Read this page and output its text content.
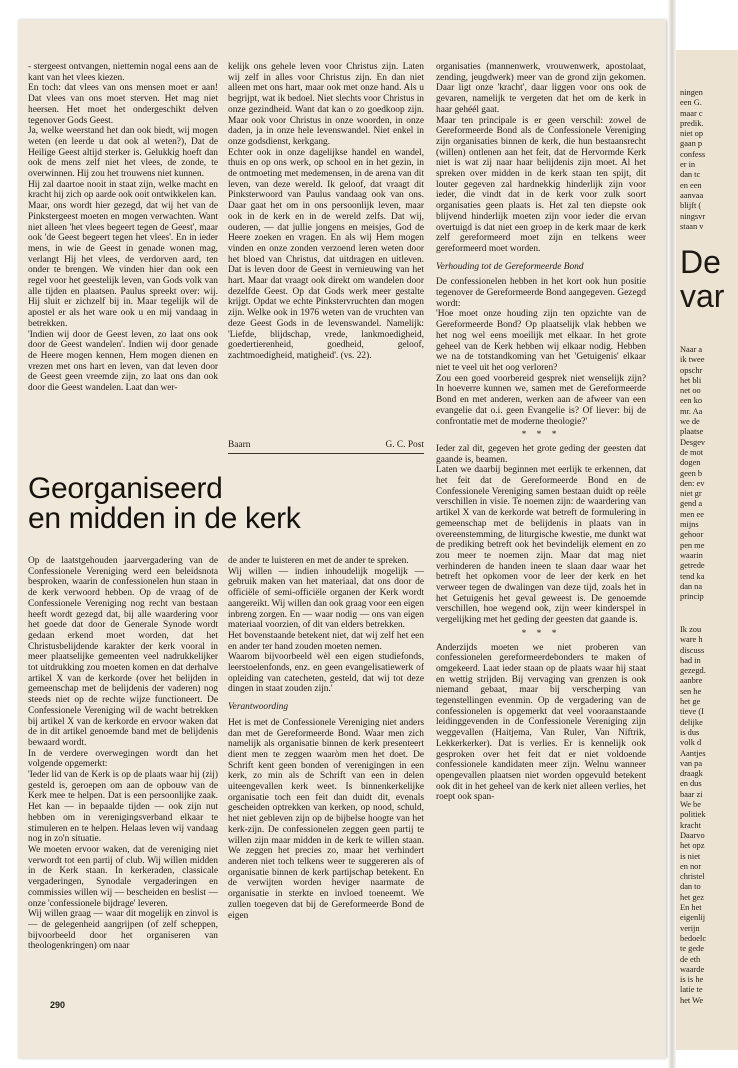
ningen

een G.

maar c

predik.

niet op

gaan p

confess

er in

dan tc

en een

aanvaa

blijft (

ningsvr

staan v

De
var

Naar a

ik twee

opschr

het bli

net oo

een ko

mr. Aa

we de

plaatse

Desgev

de mot

dogen

geen b

den: ev

niet gr

gend a

men ee

mijns

gehoor

pen me

waarin

getrede

tend ka

dan na

princip

Ik zou

ware h

discuss

had in

gezegd.

aanbre

sen he

het ge

tieve (I

delijke

is dus

volk d

Aantjes

van pa

draagk

en dus

baar zi

We be

politiek

kracht

Daarvo

het opz

is niet

en nor

christel

dan to

het gez

En het

eigenlij

verijn

bedoelc

te gede

de eth

waarde

is is he

latie te

het We

- stergeest ontvangen, niettemin nogal eens aan de kant van het vlees kiezen.

En toch: dat vlees van ons mensen moet er aan! Dat vlees van ons moet sterven. Het mag niet heersen. Het moet het ondergeschikt delven tegenover Gods Geest.

Ja, welke weerstand het dan ook biedt, wij mogen weten (en leerde u dat ook al weten?), Dat de Heilige Geest altijd sterker is. Gelukkig hoeft dan ook de mens zelf niet het vlees, de zonde, te overwinnen. Hij zou het trouwens niet kunnen.

Hij zal daartoe nooit in staat zijn, welke macht en kracht hij zich op aarde ook ooit ontwikkelen kan.

Maar, ons wordt hier gezegd, dat wij het van de Pinkstergeest moeten en mogen verwachten. Want niet alleen 'het vlees begeert tegen de Geest', maar ook 'de Geest begeert tegen het vlees'. En in ieder mens, in wie de Geest in genade wonen mag, verlangt Hij het vlees, de verdorven aard, ten onder te brengen. We vinden hier dan ook een regel voor het geestelijk leven, van Gods volk van alle tijden en plaatsen. Paulus spreekt over: wij. Hij sluit er zichzelf bij in. Maar tegelijk wil de apostel er als het ware ook u en mij vandaag in betrekken.

'Indien wij door de Geest leven, zo laat ons ook door de Geest wandelen'. Indien wij door genade de Heere mogen kennen, Hem mogen dienen en vrezen met ons hart en leven, van dat leven door de Geest geen vreemde zijn, zo laat ons dan ook door die Geest wandelen. Laat dan wer-

kelijk ons gehele leven voor Christus zijn. Laten wij zelf in alles voor Christus zijn. En dan niet alleen met ons hart, maar ook met onze hand. Als u begrijpt, wat ik bedoel. Niet slechts voor Christus in onze gezindheid. Want dat kan o zo goedkoop zijn. Maar ook voor Christus in onze woorden, in onze daden, ja in onze hele levenswandel. Niet enkel in onze godsdienst, kerkgang.

Echter ook in onze dagelijkse handel en wandel, thuis en op ons werk, op school en in het gezin, in de ontmoeting met medemensen, in de arena van dit leven, van deze wereld. Ik geloof, dat vraagt dit Pinksterwoord van Paulus vandaag ook van ons. Daar gaat het om in ons persoonlijk leven, maar ook in de kerk en in de wereld zelfs. Dat wij, ouderen, — dat jullie jongens en meisjes, God de Heere zoeken en vragen. En als wij Hem mogen vinden en onze zonden verzoend leren weten door het bloed van Christus, dat uitdragen en uitleven. Dat is leven door de Geest in vernieuwing van het hart. Maar dat vraagt ook direkt om wandelen door dezelfde Geest. Op dat Gods werk meer gestalte krijgt. Opdat we echte Pinkstervruchten dan mogen zijn. Welke ook in 1976 weten van de vruchten van deze Geest Gods in de levenswandel. Namelijk: 'Liefde, blijdschap, vrede, lankmoedigheid, goedertierenheid, goedheid, geloof, zachtmoedigheid, matigheid'. (vs. 22).

Baarn	G. C. Post
Georganiseerd
en midden in de kerk

organisaties (mannenwerk, vrouwenwerk, apostolaat, zending, jeugdwerk) meer van de grond zijn gekomen. Daar ligt onze 'kracht', daar liggen voor ons ook de gevaren, namelijk te vergeten dat het om de kerk in haar gehéél gaat.

Maar ten principale is er geen verschil: zowel de Gereformeerde Bond als de Confessionele Vereniging zijn organisaties binnen de kerk, die hun bestaansrecht (willen) ontlenen aan het feit, dat de Hervormde Kerk niet is wat zij naar haar belijdenis zijn moet. Al het spreken over midden in de kerk staan ten spijt, dit louter gegeven zal hardnekkig hinderlijk zijn voor ieder, die vindt dat in de kerk voor zulk soort organisaties geen plaats is. Het zal ten diepste ook blijvend hinderlijk moeten zijn voor ieder die ervan overtuigd is dat niet een groep in de kerk maar de kerk zelf gereformeerd moet zijn en telkens weer gereformeerd moet worden.

Verhouding tot de Gereformeerde Bond

De confessionelen hebben in het kort ook hun positie tegenover de Gereformeerde Bond aangegeven. Gezegd wordt:

'Hoe moet onze houding zijn ten opzichte van de Gereformeerde Bond? Op plaatselijk vlak hebben we het nog wel eens moeilijk met elkaar. In het grote geheel van de Kerk hebben wij elkaar nodig. Hebben we na de totstandkoming van het 'Getuigenis' elkaar niet te veel uit het oog verloren?

Zou een goed voorbereid gesprek niet wenselijk zijn? In hoeverre kunnen we, samen met de Gereformeerde Bond en met anderen, werken aan de afweer van een evangelie dat o.i. geen Evangelie is? Of liever: bij de confrontatie met de moderne theologie?'

* * *

Ieder zal dit, gegeven het grote geding der geesten dat gaande is, beamen.

Laten we daarbij beginnen met eerlijk te erkennen, dat het feit dat de Gereformeerde Bond en de Confessionele Vereniging samen bestaan duidt op reële verschillen in visie. Te noemen zijn: de waardering van artikel X van de kerkorde wat betreft de formulering in gemeenschap met de belijdenis in plaats van in overeenstemming, de liturgische kwestie, me dunkt wat de prediking betreft ook het bevindelijk element en zo zou meer te noemen zijn. Maar dat mag niet verhinderen de handen ineen te slaan daar waar het betreft het opkomen voor de leer der kerk en het verweer tegen de dwalingen van deze tijd, zoals het in het Getuigenis het geval geweest is. De genoemde verschillen, hoe wegend ook, zijn weer kinderspel in vergelijking met het geding der geesten dat gaande is.

* * *

Anderzijds moeten we niet proberen van confessionelen gereformeerdebonders te maken of omgekeerd. Laat ieder staan op de plaats waar hij staat en wettig strijden. Bij vervaging van grenzen is ook niemand gebaat, maar bij verscherping van tegenstellingen evenmin. Op de vergadering van de confessionelen is opgemerkt dat veel vooraanstaande leidinggevenden in de Confessionele Vereniging zijn weggevallen (Haitjema, Van Ruler, Van Niftrik, Lekkerkerker). Dat is verlies. Er is kennelijk ook gesproken over het feit dat er niet voldoende confessionele kandidaten meer zijn. Welnu wanneer opengevallen plaatsen niet worden opgevuld betekent ook dit in het geheel van de kerk niet alleen verlies, het roept ook span-

Op de laatstgehouden jaarvergadering van de Confessionele Vereniging werd een beleidsnota besproken, waarin de confessionelen hun staan in de kerk verwoord hebben. Op de vraag of de Confessionele Vereniging nog recht van bestaan heeft wordt gezegd dat, bij alle waardering voor het goede dat door de Generale Synode wordt gedaan erkend moet worden, dat het Christusbelijdende karakter der kerk vooral in meer plaatselijke gemeenten veel nadrukkelijker tot uitdrukking zou moeten komen en dat derhalve artikel X van de kerkorde (over het belijden in gemeenschap met de belijdenis der vaderen) nog steeds niet op de rechte wijze functioneert. De Confessionele Vereniging wil de wacht betrekken bij artikel X van de kerkorde en ervoor waken dat de in dit artikel genoemde band met de belijdenis bewaard wordt.

In de verdere overwegingen wordt dan het volgende opgemerkt:

'Ieder lid van de Kerk is op de plaats waar hij (zij) gesteld is, geroepen om aan de opbouw van de Kerk mee te helpen. Dat is een persoonlijke zaak. Het kan — in bepaalde tijden — ook zijn nut hebben om in verenigingsverband elkaar te stimuleren en te helpen. Helaas leven wij vandaag nog in zo'n situatie.

We moeten ervoor waken, dat de vereniging niet verwordt tot een partij of club. Wij willen midden in de Kerk staan. In kerkeraden, classicale vergaderingen, Synodale vergaderingen en commissies willen wij — bescheiden en beslist — onze 'confessionele bijdrage' leveren.

Wij willen graag — waar dit mogelijk en zinvol is — de gelegenheid aangrijpen (of zelf scheppen, bijvoorbeeld door het organiseren van theologenkringen) om naar

de ander te luisteren en met de ander te spreken.

Wij willen — indien inhoudelijk mogelijk — gebruik maken van het materiaal, dat ons door de officiële of semi-officiële organen der Kerk wordt aangereikt. Wij willen dan ook graag voor een eigen inbreng zorgen. En — waar nodig — ons van eigen materiaal voorzien, of dit van elders betrekken.

Het bovenstaande betekent niet, dat wij zelf het een en ander ter hand zouden moeten nemen.

Waarom bijvoorbeeld wèl een eigen studiefonds, leerstoelenfonds, enz. en geen evangelisatiewerk of opleiding van catecheten, gesteld, dat wij tot deze dingen in staat zouden zijn.'

Verantwoording

Het is met de Confessionele Vereniging niet anders dan met de Gereformeerde Bond. Waar men zich namelijk als organisatie binnen de kerk presenteert dient men te zeggen waaròm men het doet. De Schrift kent geen bonden of verenigingen in een kerk, zo min als de Schrift van een in delen uiteengevallen kerk weet. Is binnenkerkelijke organisatie toch een feit dan duidt dit, evenals gescheiden optrekken van kerken, op nood, schuld, het niet gebleven zijn op de bijbelse hoogte van het kerk-zijn. De confessionelen zeggen geen partij te willen zijn maar midden in de kerk te willen staan. We zeggen het precies zo, maar het verhindert anderen niet toch telkens weer te suggereren als of organisatie binnen de kerk partijschap betekent. En de verwijten worden heviger naarmate de organisatie in sterkte en invloed toeneemt. We zullen toegeven dat bij de Gereformeerde Bond de eigen

290
